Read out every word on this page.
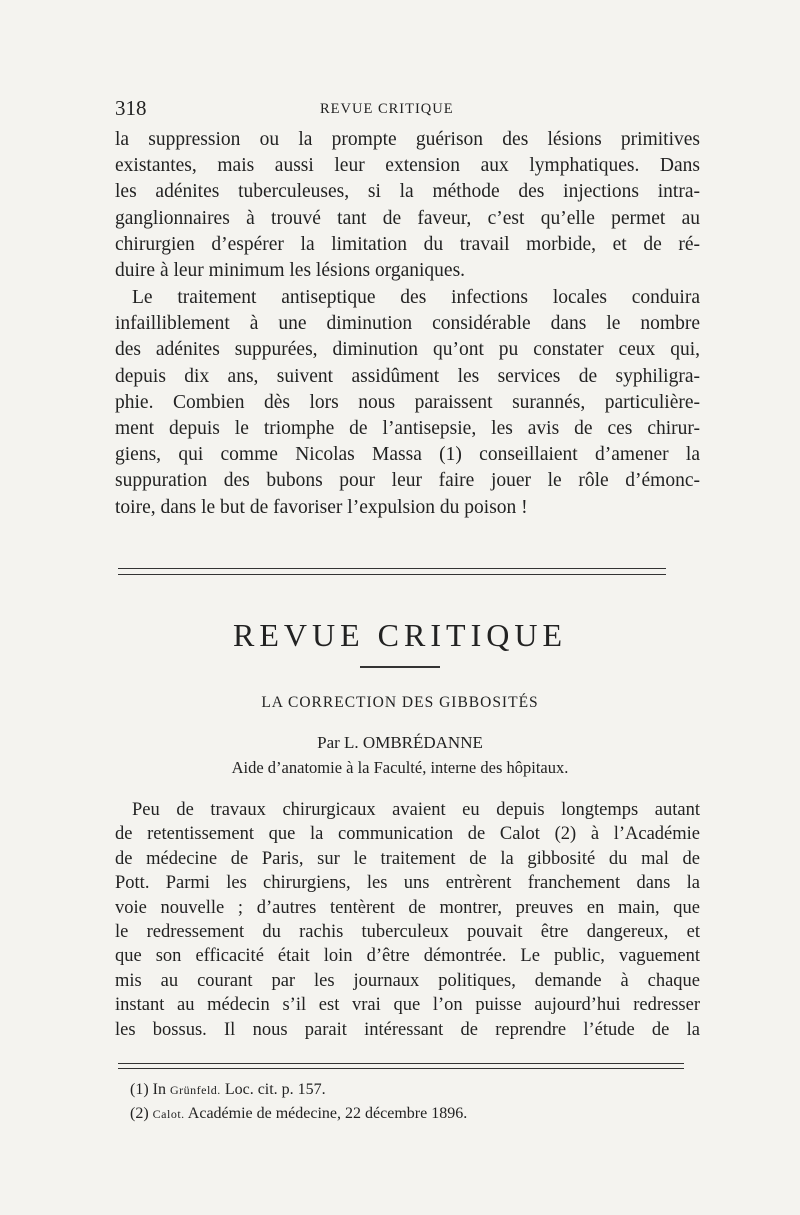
318	REVUE CRITIQUE

la suppression ou la prompte guérison des lésions primitives
existantes, mais aussi leur extension aux lymphatiques. Dans
les adénites tuberculeuses, si la méthode des injections intra-
ganglionnaires à trouvé tant de faveur, c’est qu’elle permet au
chirurgien d’espérer la limitation du travail morbide, et de ré-
duire à leur minimum les lésions organiques.

Le traitement antiseptique des infections locales conduira
infailliblement à une diminution considérable dans le nombre
des adénites suppurées, diminution qu’ont pu constater ceux qui,
depuis dix ans, suivent assidûment les services de syphiligra-
phie. Combien dès lors nous paraissent surannés, particulière-
ment depuis le triomphe de l’antisepsie, les avis de ces chirur-
giens, qui comme Nicolas Massa (1) conseillaient d’amener la
suppuration des bubons pour leur faire jouer le rôle d’émonc-
toire, dans le but de favoriser l’expulsion du poison !

REVUE CRITIQUE
LA CORRECTION DES GIBBOSITÉS
Par L. OMBRÉDANNE
Aide d’anatomie à la Faculté, interne des hôpitaux.

Peu de travaux chirurgicaux avaient eu depuis longtemps autant
de retentissement que la communication de Calot (2) à l’Académie
de médecine de Paris, sur le traitement de la gibbosité du mal de
Pott. Parmi les chirurgiens, les uns entrèrent franchement dans la
voie nouvelle ; d’autres tentèrent de montrer, preuves en main, que
le redressement du rachis tuberculeux pouvait être dangereux, et
que son efficacité était loin d’être démontrée. Le public, vaguement
mis au courant par les journaux politiques, demande à chaque
instant au médecin s’il est vrai que l’on puisse aujourd’hui redresser
les bossus. Il nous parait intéressant de reprendre l’étude de la

(1) In Grünfeld. Loc. cit. p. 157.
(2) Calot. Académie de médecine, 22 décembre 1896.
